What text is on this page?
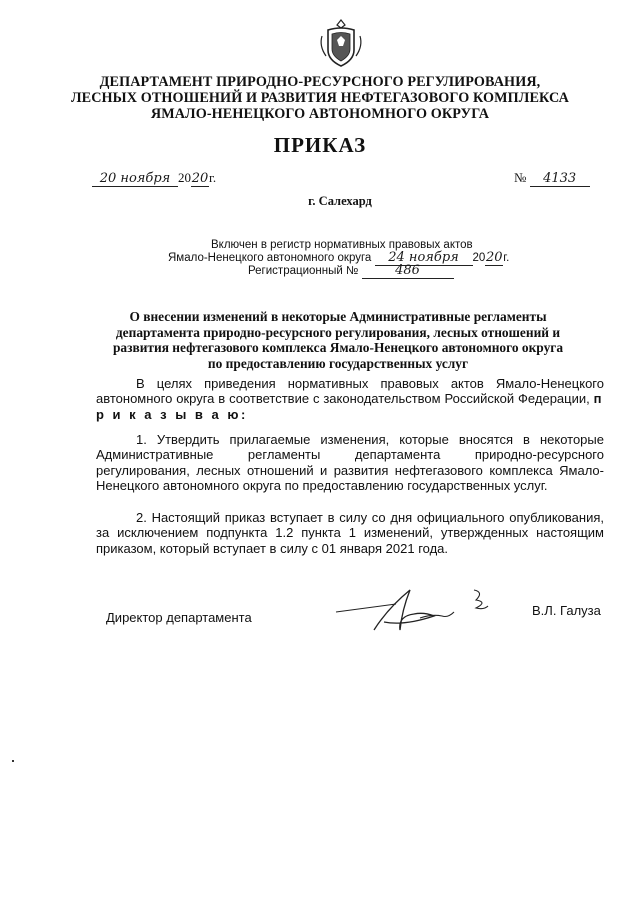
ДЕПАРТАМЕНТ ПРИРОДНО-РЕСУРСНОГО РЕГУЛИРОВАНИЯ,
ЛЕСНЫХ ОТНОШЕНИЙ И РАЗВИТИЯ НЕФТЕГАЗОВОГО КОМПЛЕКСА
ЯМАЛО-НЕНЕЦКОГО АВТОНОМНОГО ОКРУГА
ПРИКАЗ
20 ноября 2020г.	№ 4133
г. Салехард
Включен в регистр нормативных правовых актов
Ямало-Ненецкого автономного округа 24 ноября 2020г.
Регистрационный №	486
О внесении изменений в некоторые Административные регламенты
департамента природно-ресурсного регулирования, лесных отношений и
развития нефтегазового комплекса Ямало-Ненецкого автономного округа
по предоставлению государственных услуг
В целях приведения нормативных правовых актов Ямало-Ненецкого автономного округа в соответствие с законодательством Российской Федерации, п р и к а з ы в а ю:
1. Утвердить прилагаемые изменения, которые вносятся в некоторые Административные регламенты департамента природно-ресурсного регулирования, лесных отношений и развития нефтегазового комплекса Ямало-Ненецкого автономного округа по предоставлению государственных услуг.
2. Настоящий приказ вступает в силу со дня официального опубликования, за исключением подпункта 1.2 пункта 1 изменений, утвержденных настоящим приказом, который вступает в силу с 01 января 2021 года.
Директор департамента	В.Л. Галуза
